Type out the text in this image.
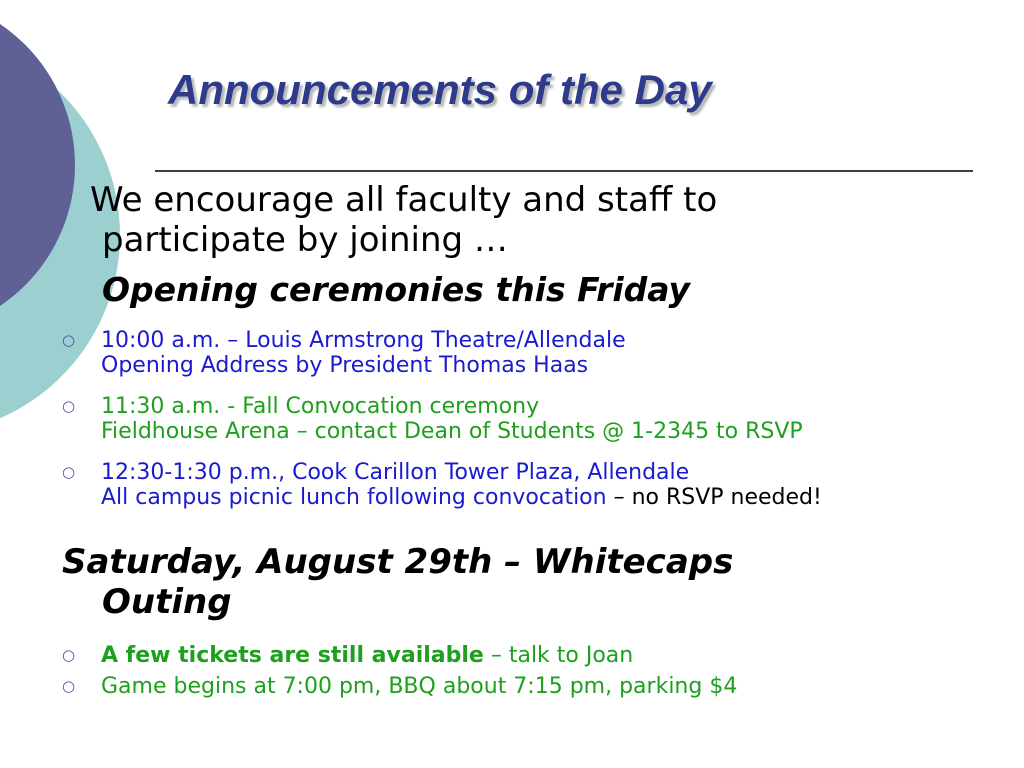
Announcements of the Day
We encourage all faculty and staff to
participate by joining …
Opening ceremonies this Friday
○	10:00 a.m. – Louis Armstrong Theatre/Allendale
Opening Address by President Thomas Haas
○	11:30 a.m. - Fall Convocation ceremony
Fieldhouse Arena – contact Dean of Students @ 1-2345 to RSVP
○	12:30-1:30 p.m., Cook Carillon Tower Plaza, Allendale
All campus picnic lunch following convocation – no RSVP needed!
Saturday, August 29th – Whitecaps
Outing
○	A few tickets are still available – talk to Joan
○	Game begins at 7:00 pm, BBQ about 7:15 pm, parking $4
